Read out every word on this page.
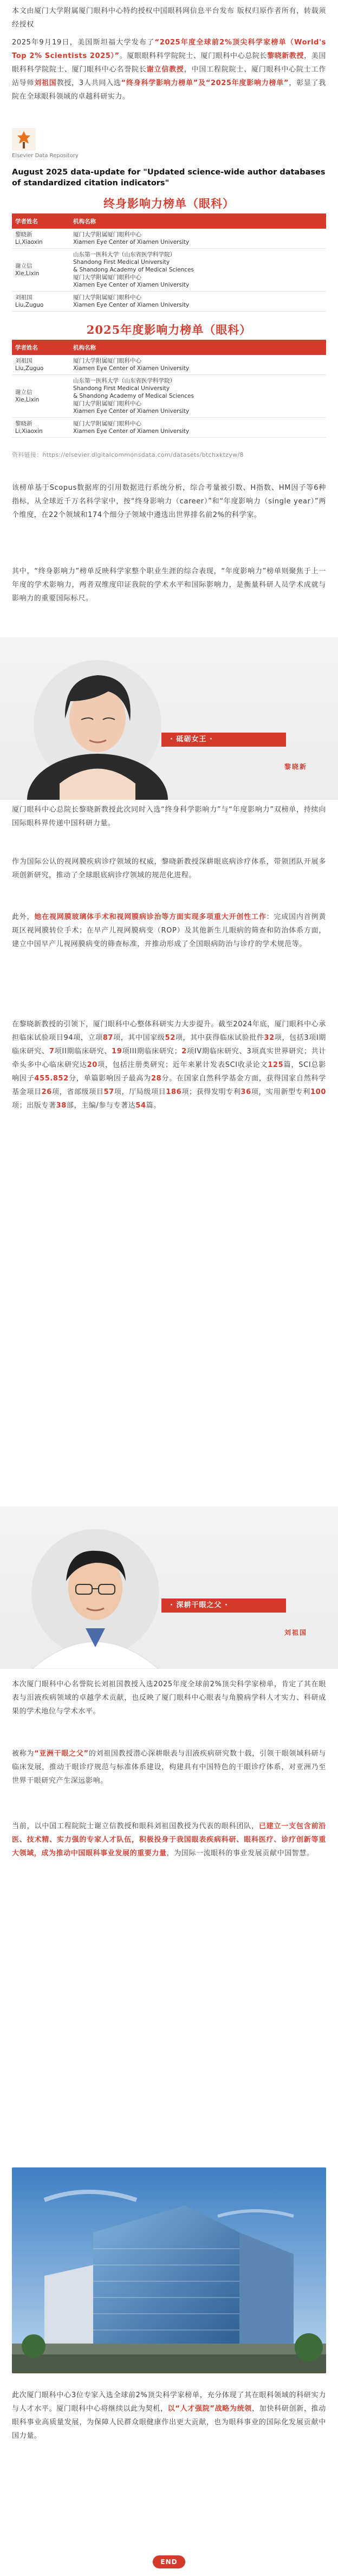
本文由厦门大学附属厦门眼科中心特约授权中国眼科网信息平台发布 版权归原作者所有，转载须经授权

2025年9月19日，美国斯坦福大学发布了“2025年度全球前2%顶尖科学家榜单（World's Top 2% Scientists 2025）”。厦眼眼科科学院院士、厦门眼科中心总院长黎晓新教授，美国眼科科学院院士、厦门眼科中心名誉院长谢立信教授，中国工程院院士、厦门眼科中心院士工作站导师刘祖国教授，3人共同入选“终身科学影响力榜单”及“2025年度影响力榜单”，彰显了我院在全球眼科领域的卓越科研实力。

Elsevier Data Repository
August 2025 data-update for "Updated science-wide author databases of standardized citation indicators"
终身影响力榜单（眼科）
学者姓名	机构名称
黎晓新
Li,Xiaoxin	厦门大学附属厦门眼科中心
Xiamen Eye Center of Xiamen University
谢立信
Xie,Lixin	山东第一医科大学（山东省医学科学院）
Shandong First Medical University
& Shandong Academy of Medical Sciences
厦门大学附属厦门眼科中心
Xiamen Eye Center of Xiamen University
刘祖国
Liu,Zuguo	厦门大学附属厦门眼科中心
Xiamen Eye Center of Xiamen University
2025年度影响力榜单（眼科）
学者姓名	机构名称
刘祖国
Liu,Zuguo	厦门大学附属厦门眼科中心
Xiamen Eye Center of Xiamen University
谢立信
Xie,Lixin	山东第一医科大学（山东省医学科学院）
Shandong First Medical University
& Shandong Academy of Medical Sciences
厦门大学附属厦门眼科中心
Xiamen Eye Center of Xiamen University
黎晓新
Li,Xiaoxin	厦门大学附属厦门眼科中心
Xiamen Eye Center of Xiamen University
资料链接：https://elsevier.digitalcommonsdata.com/datasets/btchxktzyw/8

该榜单基于Scopus数据库的引用数据进行系统分析，综合考量被引数、H指数、HM因子等6种指标，从全球近千万名科学家中，按“终身影响力（career）”和“年度影响力（single year）”两个维度，在22个领域和174个细分子领域中遴选出世界排名前2%的科学家。

其中，“终身影响力”榜单反映科学家整个职业生涯的综合表现，“年度影响力”榜单则聚焦于上一年度的学术影响力，两者双维度印证我院的学术水平和国际影响力，是衡量科研人员学术成就与影响力的重要国际标尺。

· 砥砺女王 ·
黎晓新

厦门眼科中心总院长黎晓新教授此次同时入选“终身科学影响力”与“年度影响力”双榜单，持续向国际眼科界传递中国科研力量。

作为国际公认的视网膜疾病诊疗领域的权威，黎晓新教授深耕眼底病诊疗体系，带领团队开展多项创新研究，推动了全球眼底病诊疗领域的规范化进程。

此外，她在视网膜玻璃体手术和视网膜病诊治等方面实现多项重大开创性工作：完成国内首例黄斑区视网膜转位手术；在早产儿视网膜病变（ROP）及其他新生儿眼病的筛查和防治体系方面，建立中国早产儿视网膜病变的筛查标准，并推动形成了全国眼病防治与诊疗的学术规范等。

在黎晓新教授的引领下，厦门眼科中心整体科研实力大步提升。截至2024年底，厦门眼科中心承担临床试验项目94项，立项87项，其中国家级52项，其中获得临床试验批件32项，包括3项I期临床研究、7项II期临床研究、19项III期临床研究；2项IV期临床研究、3项真实世界研究；共计牵头多中心临床研究达20项，包括注册类研究；近年来累计发表SCI收录论文125篇，SCI总影响因子455.852分，单篇影响因子最高为28分。在国家自然科学基金方面，获得国家自然科学基金项目26项，省部级项目57项，厅局级项目186项；获得发明专利36项，实用新型专利100项；出版专著38部，主编/参与专著达54篇。

· 深耕干眼之父 ·
刘祖国

本次厦门眼科中心名誉院长刘祖国教授入选2025年度全球前2%顶尖科学家榜单，肯定了其在眼表与泪液疾病领域的卓越学术贡献，也反映了厦门眼科中心眼表与角膜病学科人才实力、科研成果的学术地位与学术水平。

被称为“亚洲干眼之父”的刘祖国教授潜心深耕眼表与泪液疾病研究数十载，引领干眼领域科研与临床发展，推动干眼诊疗规范与标准体系建设，构建具有中国特色的干眼诊疗体系，对亚洲乃至世界干眼研究产生深远影响。

当前，以中国工程院院士谢立信教授和眼科刘祖国教授为代表的眼科团队，已建立一支包含前沿医、技术精、实力强的专家人才队伍，积极投身于我国眼表疾病科研、眼科医疗、诊疗创新等重大领域，成为推动中国眼科事业发展的重要力量，为国际一流眼科的事业发展贡献中国智慧。

此次厦门眼科中心3位专家入选全球前2%顶尖科学家榜单，充分体现了其在眼科领域的科研实力与人才水平。厦门眼科中心将继续以此为契机，以“人才强院”战略为统领，加快科研创新，推动眼科事业高质量发展，为保障人民群众眼健康作出更大贡献，也为眼科事业的国际化发展贡献中国力量。

END
